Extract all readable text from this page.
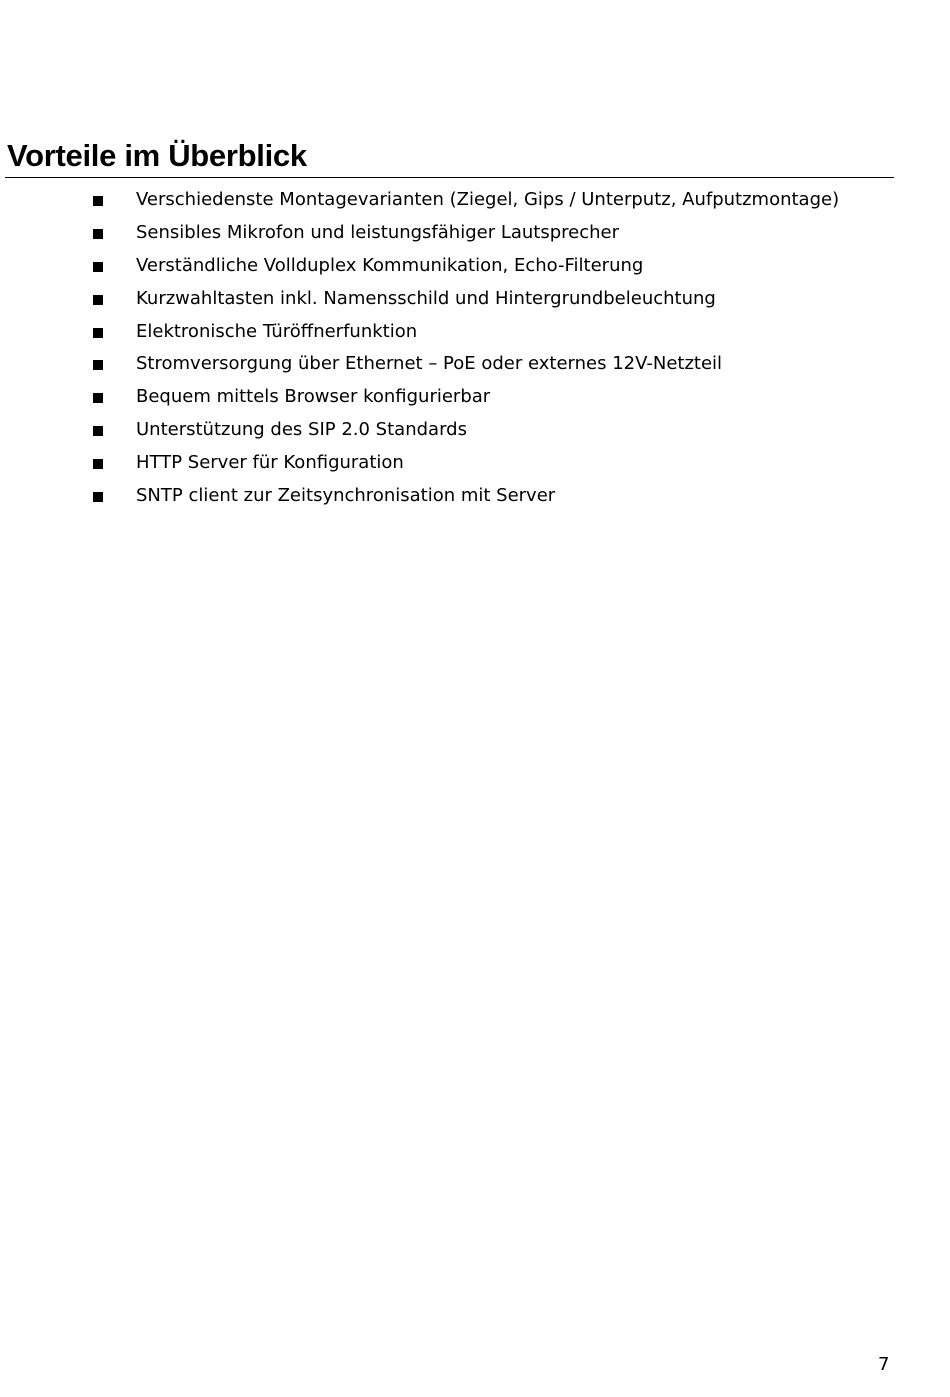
Vorteile im Überblick
Verschiedenste Montagevarianten (Ziegel, Gips / Unterputz, Aufputzmontage)
Sensibles Mikrofon und leistungsfähiger Lautsprecher
Verständliche Vollduplex Kommunikation, Echo-Filterung
Kurzwahltasten inkl. Namensschild und Hintergrundbeleuchtung
Elektronische Türöffnerfunktion
Stromversorgung über Ethernet – PoE oder externes 12V-Netzteil
Bequem mittels Browser konfigurierbar
Unterstützung des SIP 2.0 Standards
HTTP Server für Konfiguration
SNTP client zur Zeitsynchronisation mit Server
7
